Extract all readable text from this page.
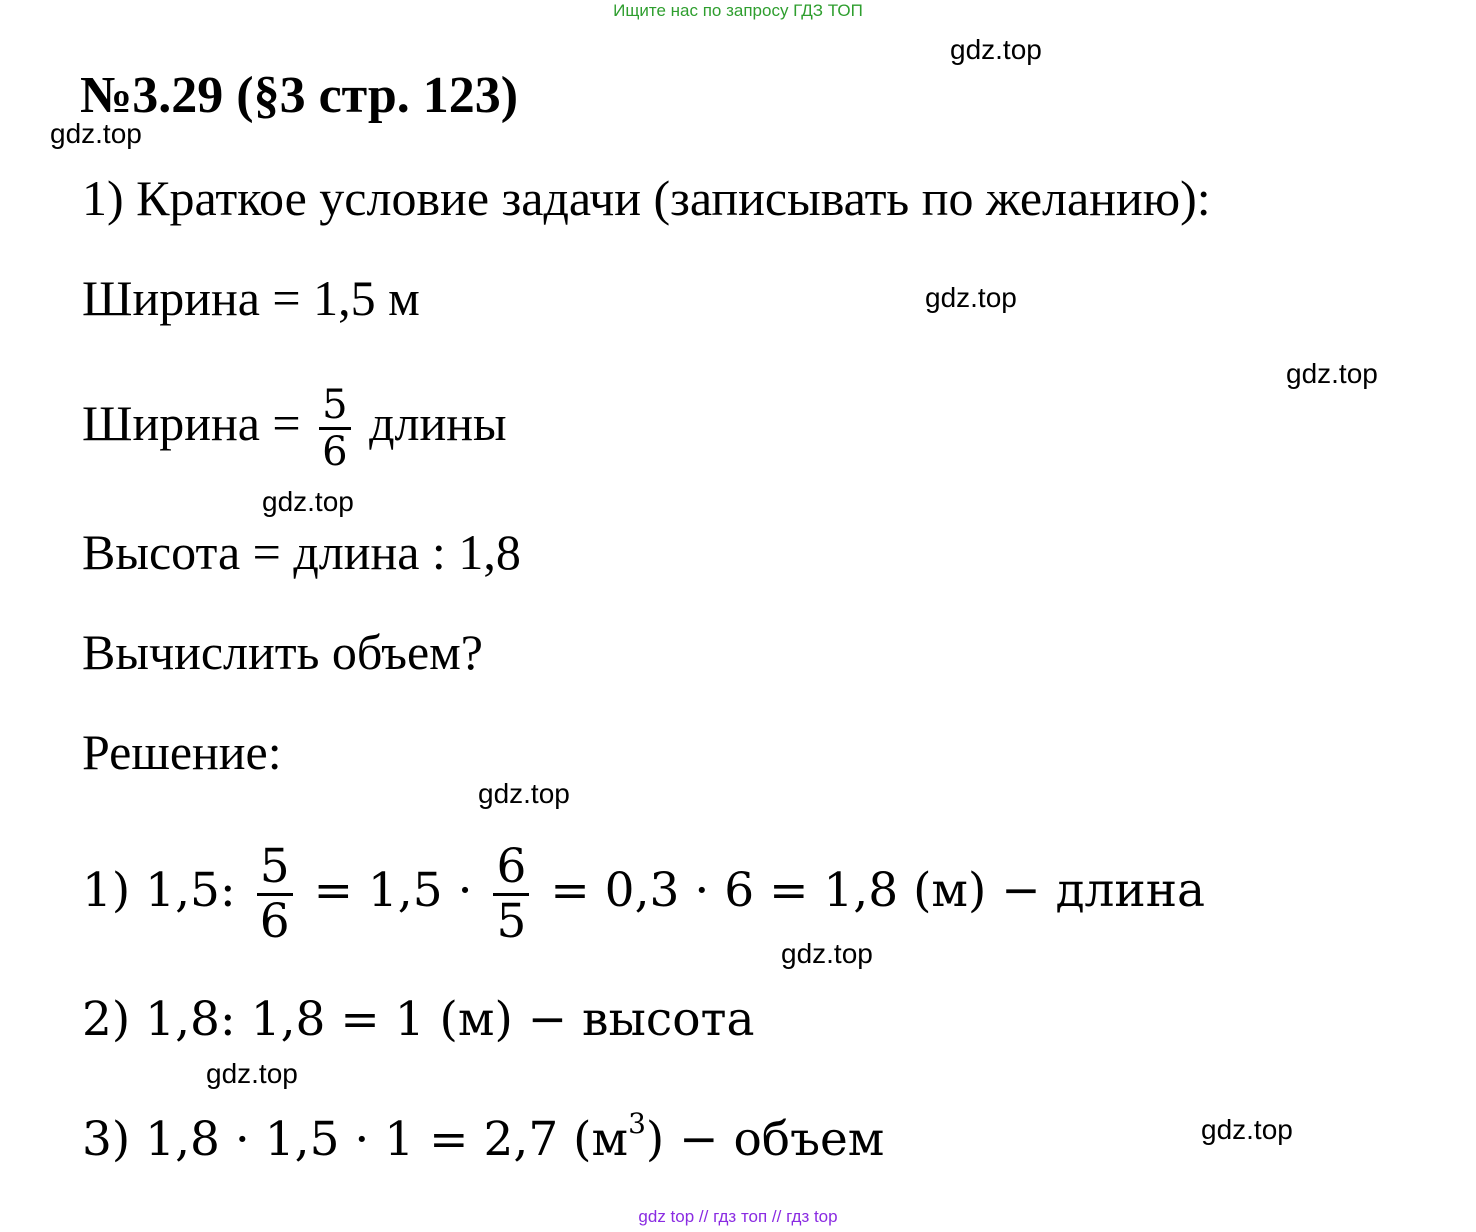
Ищите нас по запросу ГДЗ ТОП
№3.29 (§3 стр. 123)
1) Краткое условие задачи (записывать по желанию):
Ширина = 1,5 м
Ширина = $\frac{5}{6}$ длины
Высота = длина : 1,8
Вычислить объем?
Решение:
1) 1,5: $\frac{5}{6} = 1,5 \cdot \frac{6}{5} = 0,3 \cdot 6 = 1,8$ (м) − длина
2) 1,8: 1,8 = 1 (м) − высота
3) 1,8 · 1,5 · 1 = 2,7 $(м^3)$ − объем
gdz.top
gdz.top
gdz.top
gdz.top
gdz.top
gdz.top
gdz.top
gdz.top
gdz.top
gdz top // гдз топ // гдз top
